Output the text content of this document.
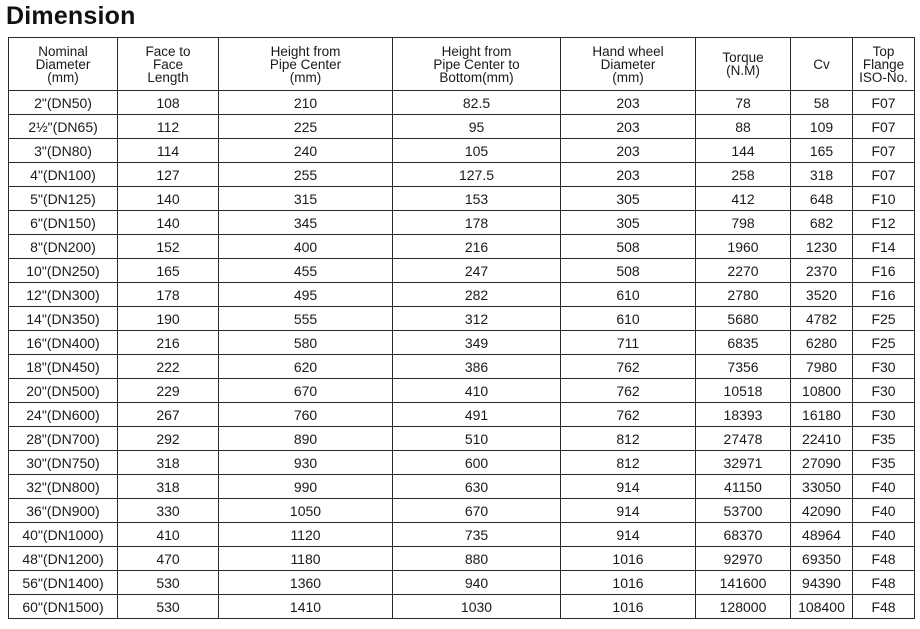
Dimension
Nominal
Diameter
(mm)	Face to
Face
Length	Height from
Pipe Center
(mm)	Height from
Pipe Center to
Bottom(mm)	Hand wheel
Diameter
(mm)	Torque
(N.M)	Cv	Top
Flange
ISO-No.
2"(DN50)	108	210	82.5	203	78	58	F07
2½"(DN65)	112	225	95	203	88	109	F07
3"(DN80)	114	240	105	203	144	165	F07
4"(DN100)	127	255	127.5	203	258	318	F07
5"(DN125)	140	315	153	305	412	648	F10
6"(DN150)	140	345	178	305	798	682	F12
8"(DN200)	152	400	216	508	1960	1230	F14
10"(DN250)	165	455	247	508	2270	2370	F16
12"(DN300)	178	495	282	610	2780	3520	F16
14"(DN350)	190	555	312	610	5680	4782	F25
16"(DN400)	216	580	349	711	6835	6280	F25
18"(DN450)	222	620	386	762	7356	7980	F30
20"(DN500)	229	670	410	762	10518	10800	F30
24"(DN600)	267	760	491	762	18393	16180	F30
28"(DN700)	292	890	510	812	27478	22410	F35
30"(DN750)	318	930	600	812	32971	27090	F35
32"(DN800)	318	990	630	914	41150	33050	F40
36"(DN900)	330	1050	670	914	53700	42090	F40
40"(DN1000)	410	1120	735	914	68370	48964	F40
48"(DN1200)	470	1180	880	1016	92970	69350	F48
56"(DN1400)	530	1360	940	1016	141600	94390	F48
60"(DN1500)	530	1410	1030	1016	128000	108400	F48
